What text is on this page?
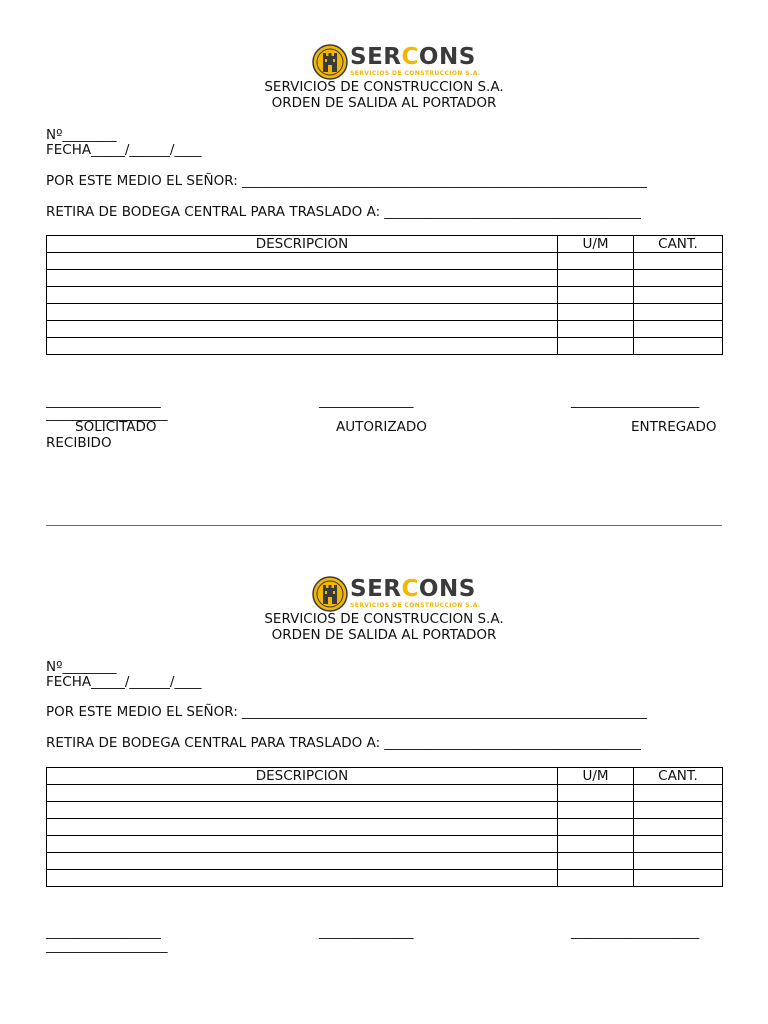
SERCONS
SERVICIOS DE CONSTRUCCION S.A.
SERVICIOS DE CONSTRUCCION S.A.
ORDEN DE SALIDA AL PORTADOR
Nº________
FECHA_____/______/____
POR ESTE MEDIO EL SEÑOR: ____________________________________________________________
RETIRA DE BODEGA CENTRAL PARA TRASLADO A: ______________________________________
DESCRIPCION	U/M	CANT.

_________________	______________	___________________
__________________
SOLICITADO	AUTORIZADO	ENTREGADO
RECIBIDO
SERCONS
SERVICIOS DE CONSTRUCCION S.A.
SERVICIOS DE CONSTRUCCION S.A.
ORDEN DE SALIDA AL PORTADOR
Nº________
FECHA_____/______/____
POR ESTE MEDIO EL SEÑOR: ____________________________________________________________
RETIRA DE BODEGA CENTRAL PARA TRASLADO A: ______________________________________
DESCRIPCION	U/M	CANT.

_________________	______________	___________________
__________________
